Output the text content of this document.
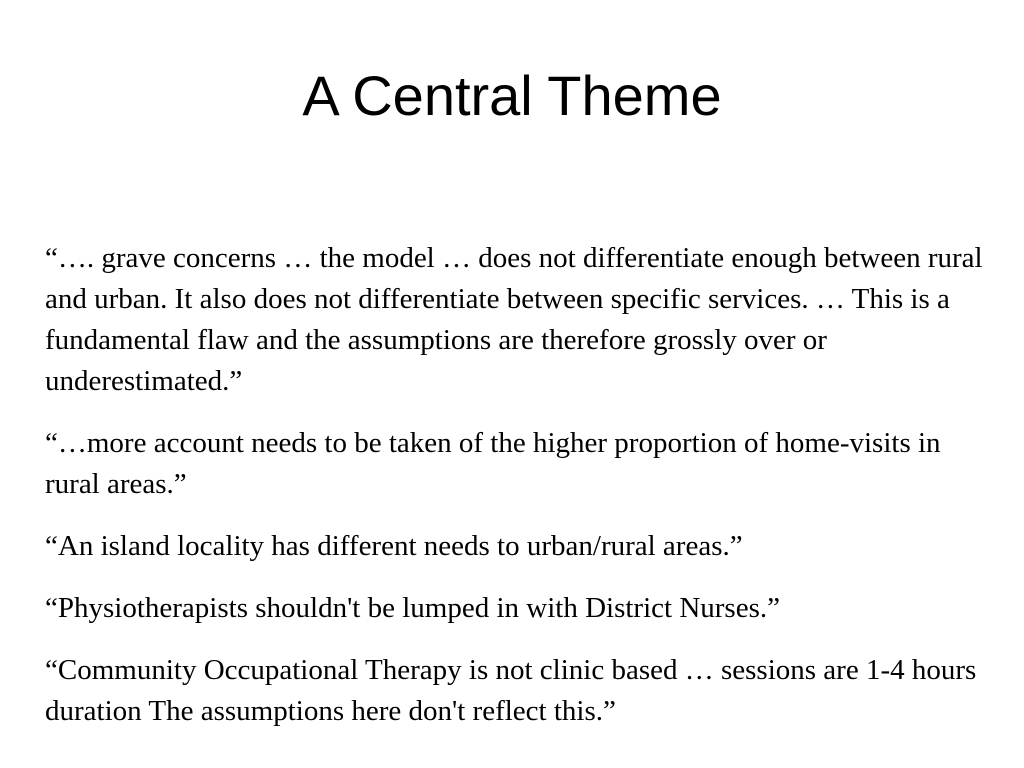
A Central Theme

“…. grave concerns … the model … does not differentiate enough between rural and urban. It also does not differentiate between specific services. … This is a fundamental flaw and the assumptions are therefore grossly over or underestimated.”

“…more account needs to be taken of the higher proportion of home-visits in rural areas.”

“An island locality has different needs to urban/rural areas.”

“Physiotherapists shouldn't be lumped in with District Nurses.”

“Community Occupational Therapy is not clinic based … sessions are 1-4 hours duration The assumptions here don't reflect this.”
